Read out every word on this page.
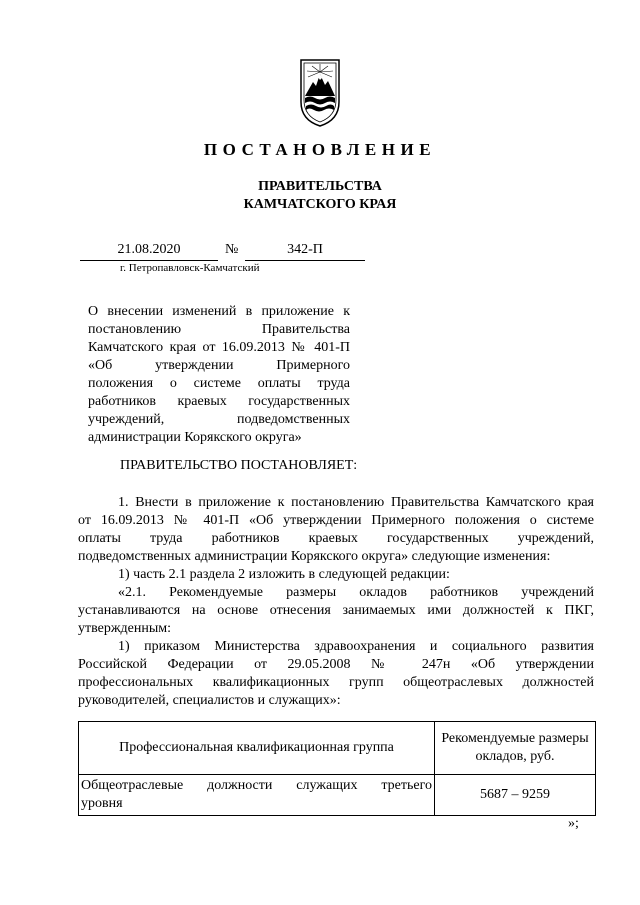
ПОСТАНОВЛЕНИЕ
ПРАВИТЕЛЬСТВА
КАМЧАТСКОГО КРАЯ
21.08.2020	№	342-П
г. Петропавловск-Камчатский
О внесении изменений в приложение к
постановлению Правительства
Камчатского края от 16.09.2013 № 401-П
«Об утверждении Примерного
положения о системе оплаты труда
работников краевых государственных
учреждений, подведомственных
администрации Корякского округа»
ПРАВИТЕЛЬСТВО ПОСТАНОВЛЯЕТ:
1. Внести в приложение к постановлению Правительства Камчатского края
от 16.09.2013 № 401-П «Об утверждении Примерного положения о системе
оплаты труда работников краевых государственных учреждений,
подведомственных администрации Корякского округа» следующие изменения:
1) часть 2.1 раздела 2 изложить в следующей редакции:
«2.1. Рекомендуемые размеры окладов работников учреждений
устанавливаются на основе отнесения занимаемых ими должностей к ПКГ,
утвержденным:
1) приказом Министерства здравоохранения и социального развития
Российской Федерации от 29.05.2008 № 247н «Об утверждении
профессиональных квалификационных групп общеотраслевых должностей
руководителей, специалистов и служащих»:
Профессиональная квалификационная группа	Рекомендуемые размеры
окладов, руб.

Общеотраслевые должности служащих третьего
уровня	5687 – 9259
»;
